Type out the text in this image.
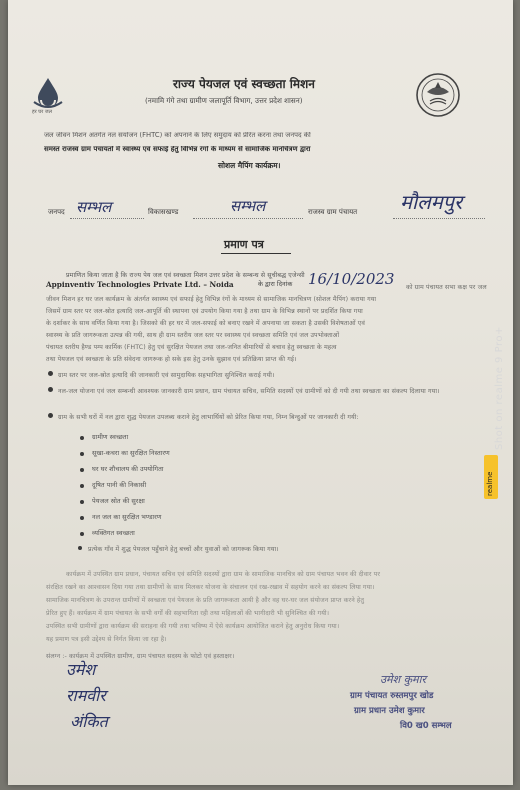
हर घर जल
राज्य पेयजल एवं स्वच्छता मिशन
(नमामि गंगे तथा ग्रामीण जलापूर्ति विभाग, उत्तर प्रदेश शासन)
जल जीवन मिशन अंतर्गत नल संयोजन (FHTC) को अपनाने के लिए समुदाय को प्रेरित करना तथा जनपद की
समस्त राजस्व ग्राम पंचायतों में स्वास्थ्य एवं सफाई हेतु विभिन्न रंगो के माध्यम से सामाजिक मानचित्रण द्वारा
सोशल मैपिंग कार्यक्रम।
जनपद सम्भल	विकासखण्ड	सम्भल	राजस्व ग्राम पंचायत मौलमपुर
प्रमाण पत्र
प्रमाणित किया जाता है कि राज्य पेय जल एवं स्वच्छता मिशन उत्तर प्रदेश के सम्बन्ध से सूचीबद्ध एजेन्सी
Appinventiv Technologies Private Ltd. – Noida	के द्वारा दिनांक 16/10/2023 को ग्राम पंचायत सभा कक्ष पर जल
जीवन मिशन हर घर जल कार्यक्रम के अंतर्गत स्वास्थ्य एवं सफाई हेतु विभिन्न रंगों के माध्यम से सामाजिक मानचित्रण (सोशल मैपिंग) कराया गया
जिसमें ग्राम स्तर पर जल-स्रोत इत्यादि जल-आपूर्ति की स्थापना एवं उपयोग किया गया है तथा ग्राम के विभिन्न स्थानों पर प्रदर्शित किया गया
के दर्शाकर के साथ वर्णित किया गया है। जिसको की हर घर में जल-सफाई को बनाए रखने में अपनाया जा सकता है उसकी विशेषताओं एवं
स्वास्थ्य के प्रति जागरूकता उत्पन्न की गयी, साथ ही ग्राम स्तरीय जल स्तर पर स्वास्थ्य एवं स्वच्छता समिति एवं जल उपभोक्ताओं
पंचायत स्तरीय हैण्ड पम्प कार्मिक (FHTC) हेतु एवं सुरक्षित पेयजल तथा जल-जनित बीमारियों से बचाव हेतु स्वच्छता के महत्व
तथा पेयजल एवं स्वच्छता के प्रति संवेदना जागरूक हो सके इस हेतु उनके सुझाव एवं प्रतिक्रिया प्राप्त की गई।
ग्राम स्तर पर जल-स्रोत इत्यादि की जानकारी एवं सामुदायिक सहभागिता सुनिश्चित कराई गयी।
नल-जल योजना एवं जल सम्बन्धी आवश्यक जानकारी ग्राम प्रधान, ग्राम पंचायत सचिव, समिति सदस्यों एवं ग्रामीणों को दी गयी तथा स्वच्छता का संकल्प दिलाया गया।
ग्राम के सभी घरों में नल द्वारा शुद्ध पेयजल उपलब्ध कराने हेतु लाभार्थियों को प्रेरित किया गया, निम्न बिन्दुओं पर जानकारी दी गयी:
ग्रामीण स्वच्छता
सूखा-कचरा का सुरक्षित निस्तारण
घर घर शौचालय की उपयोगिता
दूषित पानी की निकासी
पेयजल स्रोत की सुरक्षा
नल जल का सुरक्षित भण्डारण
व्यक्तिगत स्वच्छता
प्रत्येक गाँव में शुद्ध पेयजल पहुँचाने हेतु बच्चों और युवाओं को जागरूक किया गया।
कार्यक्रम में उपस्थित ग्राम प्रधान, पंचायत सचिव एवं समिति सदस्यों द्वारा ग्राम के सामाजिक मानचित्र को ग्राम पंचायत भवन की दीवार पर
संरक्षित रखने का आश्वासन दिया गया तथा ग्रामीणों के साथ मिलकर योजना के संचालन एवं रख-रखाव में सहयोग करने का संकल्प लिया गया।
सामाजिक मानचित्रण के उपरान्त ग्रामीणों में स्वच्छता एवं पेयजल के प्रति जागरूकता आयी है और वह घर-घर जल संयोजन प्राप्त करने हेतु
प्रेरित हुए हैं। कार्यक्रम में ग्राम पंचायत के सभी वर्गों की सहभागिता रही तथा महिलाओं की भागीदारी भी सुनिश्चित की गयी।
उपस्थित सभी ग्रामीणों द्वारा कार्यक्रम की सराहना की गयी तथा भविष्य में ऐसे कार्यक्रम आयोजित कराने हेतु अनुरोध किया गया।
यह प्रमाण पत्र इसी उद्देश्य से निर्गत किया जा रहा है।
संलग्न :- कार्यक्रम में उपस्थित ग्रामीण, ग्राम पंचायत सदस्य के फोटो एवं हस्ताक्षर।
उमेश
रामवीर
अंकित
उमेश कुमार
ग्राम पंचायत रुस्तमपुर खोड
ग्राम प्रधान उमेश कुमार
वि0 ख0 सम्भल
Shot on realme 9 Pro+
realme
